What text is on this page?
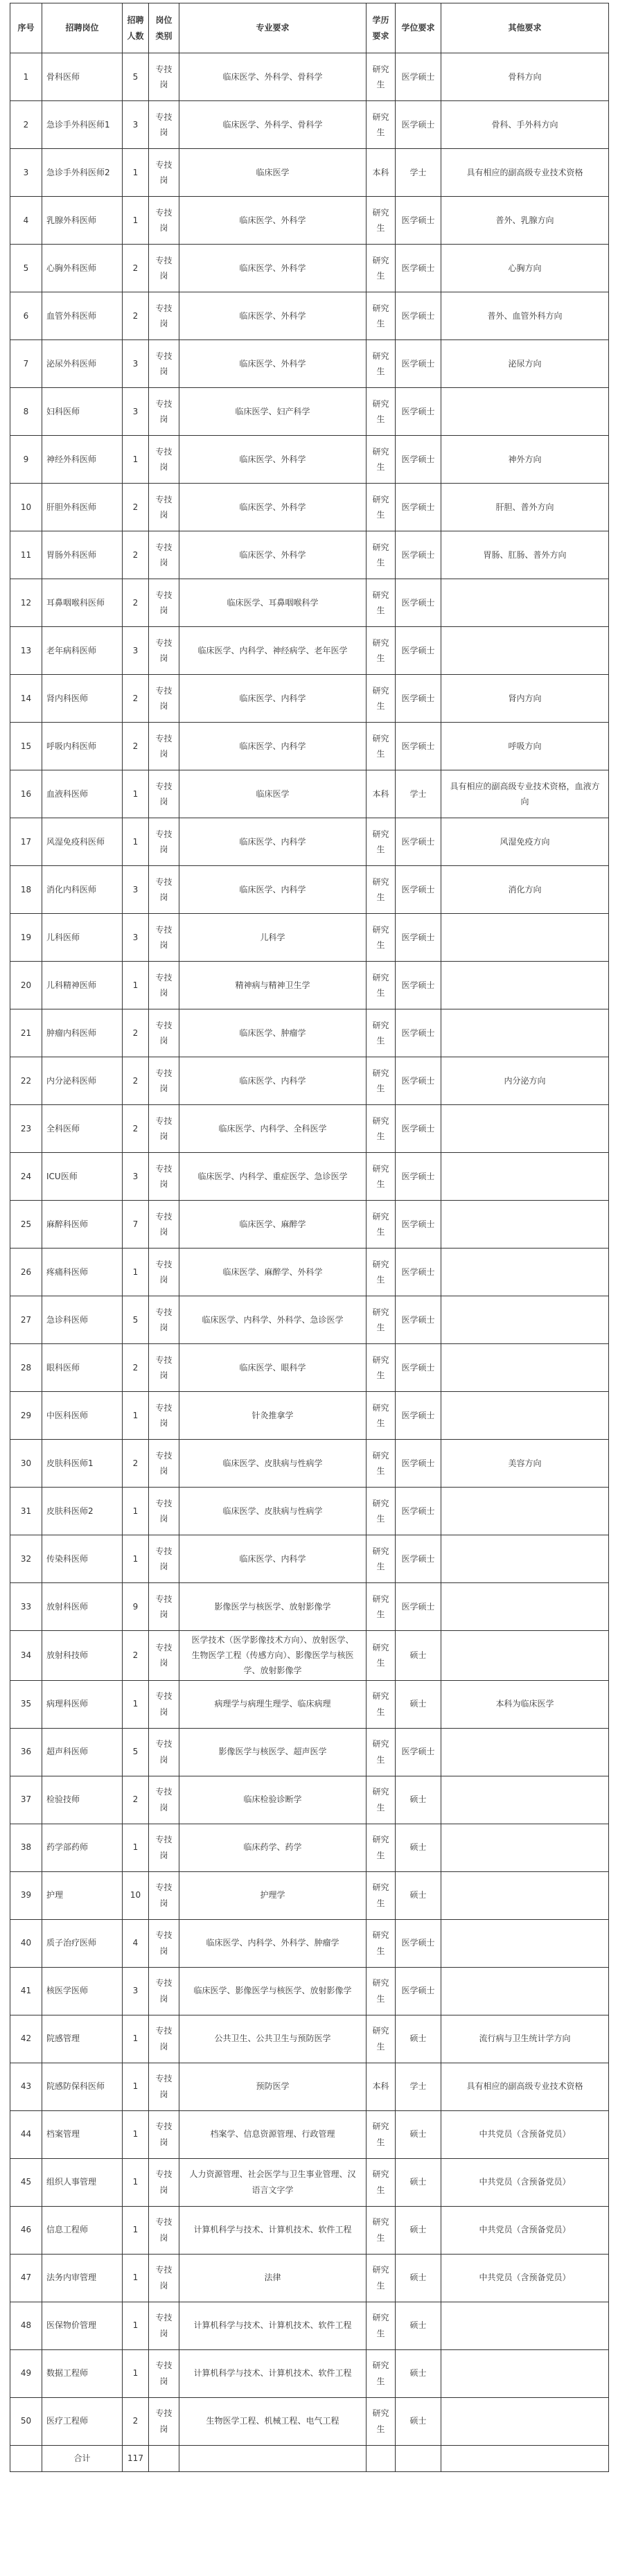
序号	招聘岗位	招聘人数	岗位类别	专业要求	学历要求	学位要求	其他要求
1	骨科医师	5	专技岗	临床医学、外科学、骨科学	研究生	医学硕士	骨科方向
2	急诊手外科医师1	3	专技岗	临床医学、外科学、骨科学	研究生	医学硕士	骨科、手外科方向
3	急诊手外科医师2	1	专技岗	临床医学	本科	学士	具有相应的副高级专业技术资格
4	乳腺外科医师	1	专技岗	临床医学、外科学	研究生	医学硕士	普外、乳腺方向
5	心胸外科医师	2	专技岗	临床医学、外科学	研究生	医学硕士	心胸方向
6	血管外科医师	2	专技岗	临床医学、外科学	研究生	医学硕士	普外、血管外科方向
7	泌尿外科医师	3	专技岗	临床医学、外科学	研究生	医学硕士	泌尿方向
8	妇科医师	3	专技岗	临床医学、妇产科学	研究生	医学硕士	
9	神经外科医师	1	专技岗	临床医学、外科学	研究生	医学硕士	神外方向
10	肝胆外科医师	2	专技岗	临床医学、外科学	研究生	医学硕士	肝胆、普外方向
11	胃肠外科医师	2	专技岗	临床医学、外科学	研究生	医学硕士	胃肠、肛肠、普外方向
12	耳鼻咽喉科医师	2	专技岗	临床医学、耳鼻咽喉科学	研究生	医学硕士	
13	老年病科医师	3	专技岗	临床医学、内科学、神经病学、老年医学	研究生	医学硕士	
14	肾内科医师	2	专技岗	临床医学、内科学	研究生	医学硕士	肾内方向
15	呼吸内科医师	2	专技岗	临床医学、内科学	研究生	医学硕士	呼吸方向
16	血液科医师	1	专技岗	临床医学	本科	学士	具有相应的副高级专业技术资格，血液方向
17	风湿免疫科医师	1	专技岗	临床医学、内科学	研究生	医学硕士	风湿免疫方向
18	消化内科医师	3	专技岗	临床医学、内科学	研究生	医学硕士	消化方向
19	儿科医师	3	专技岗	儿科学	研究生	医学硕士	
20	儿科精神医师	1	专技岗	精神病与精神卫生学	研究生	医学硕士	
21	肿瘤内科医师	2	专技岗	临床医学、肿瘤学	研究生	医学硕士	
22	内分泌科医师	2	专技岗	临床医学、内科学	研究生	医学硕士	内分泌方向
23	全科医师	2	专技岗	临床医学、内科学、全科医学	研究生	医学硕士	
24	ICU医师	3	专技岗	临床医学、内科学、重症医学、急诊医学	研究生	医学硕士	
25	麻醉科医师	7	专技岗	临床医学、麻醉学	研究生	医学硕士	
26	疼痛科医师	1	专技岗	临床医学、麻醉学、外科学	研究生	医学硕士	
27	急诊科医师	5	专技岗	临床医学、内科学、外科学、急诊医学	研究生	医学硕士	
28	眼科医师	2	专技岗	临床医学、眼科学	研究生	医学硕士	
29	中医科医师	1	专技岗	针灸推拿学	研究生	医学硕士	
30	皮肤科医师1	2	专技岗	临床医学、皮肤病与性病学	研究生	医学硕士	美容方向
31	皮肤科医师2	1	专技岗	临床医学、皮肤病与性病学	研究生	医学硕士	
32	传染科医师	1	专技岗	临床医学、内科学	研究生	医学硕士	
33	放射科医师	9	专技岗	影像医学与核医学、放射影像学	研究生	医学硕士	
34	放射科技师	2	专技岗	医学技术（医学影像技术方向）、放射医学、生物医学工程（传感方向）、影像医学与核医学、放射影像学	研究生	硕士	
35	病理科医师	1	专技岗	病理学与病理生理学、临床病理	研究生	硕士	本科为临床医学
36	超声科医师	5	专技岗	影像医学与核医学、超声医学	研究生	医学硕士	
37	检验技师	2	专技岗	临床检验诊断学	研究生	硕士	
38	药学部药师	1	专技岗	临床药学、药学	研究生	硕士	
39	护理	10	专技岗	护理学	研究生	硕士	
40	质子治疗医师	4	专技岗	临床医学、内科学、外科学、肿瘤学	研究生	医学硕士	
41	核医学医师	3	专技岗	临床医学、影像医学与核医学、放射影像学	研究生	医学硕士	
42	院感管理	1	专技岗	公共卫生、公共卫生与预防医学	研究生	硕士	流行病与卫生统计学方向
43	院感防保科医师	1	专技岗	预防医学	本科	学士	具有相应的副高级专业技术资格
44	档案管理	1	专技岗	档案学、信息资源管理、行政管理	研究生	硕士	中共党员（含预备党员）
45	组织人事管理	1	专技岗	人力资源管理、社会医学与卫生事业管理、汉语言文字学	研究生	硕士	中共党员（含预备党员）
46	信息工程师	1	专技岗	计算机科学与技术、计算机技术、软件工程	研究生	硕士	中共党员（含预备党员）
47	法务内审管理	1	专技岗	法律	研究生	硕士	中共党员（含预备党员）
48	医保物价管理	1	专技岗	计算机科学与技术、计算机技术、软件工程	研究生	硕士	
49	数据工程师	1	专技岗	计算机科学与技术、计算机技术、软件工程	研究生	硕士	
50	医疗工程师	2	专技岗	生物医学工程、机械工程、电气工程	研究生	硕士	
	合计	117					
